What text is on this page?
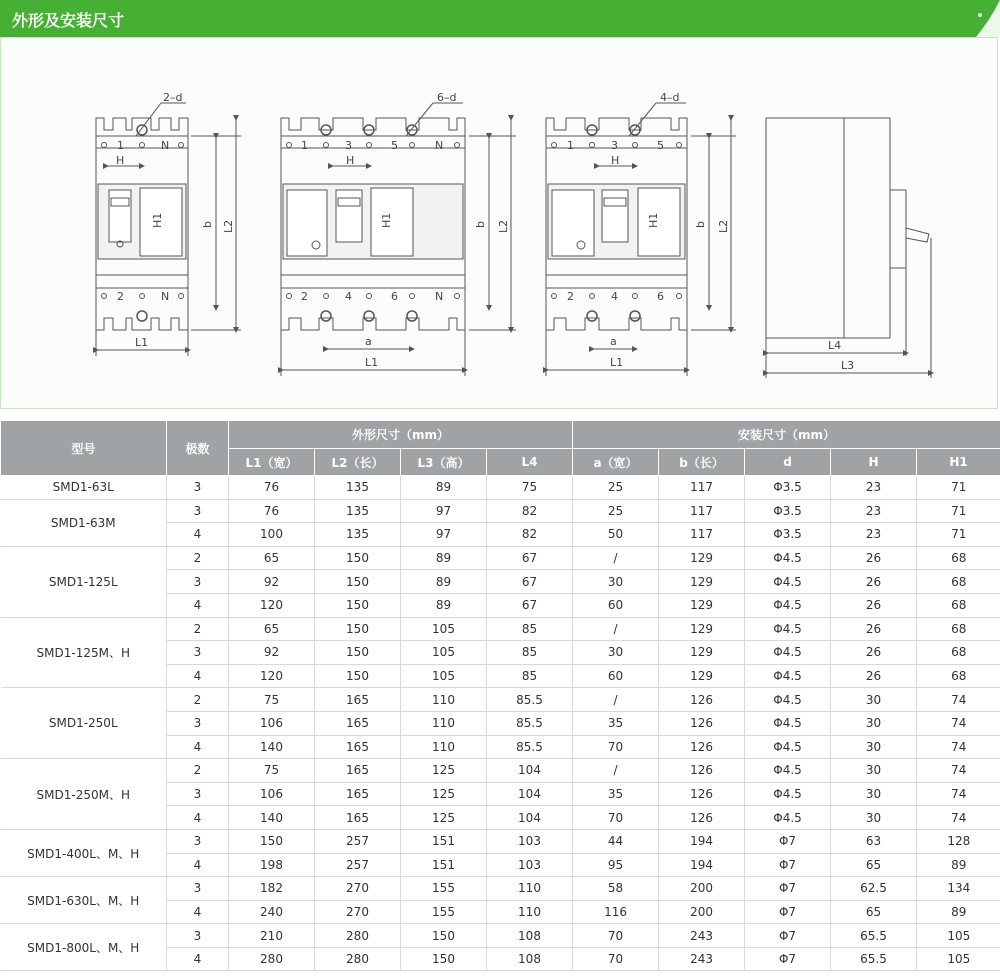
外形及安装尺寸
2–d
H
H1	b L2
L1
1	N
2	N
6–d
H
H1	b L2
a
L1
1	3	5	N
2	4	6	N
4–d
H
H1	b L2
a
L1
1	3	5
2	4	6
L4
L3
型号	极数	外形尺寸（mm）				安装尺寸（mm）				
		L1（宽）	L2（长）	L3（高）	L4	a（宽）	b（长）	d	H	H1
SMD1-63L	3	76	135	89	75	25	117	Φ3.5	23	71
SMD1-63M	3	76	135	97	82	25	117	Φ3.5	23	71
	4	100	135	97	82	50	117	Φ3.5	23	71
SMD1-125L	2	65	150	89	67	/	129	Φ4.5	26	68
	3	92	150	89	67	30	129	Φ4.5	26	68
	4	120	150	89	67	60	129	Φ4.5	26	68
SMD1-125M、H	2	65	150	105	85	/	129	Φ4.5	26	68
	3	92	150	105	85	30	129	Φ4.5	26	68
	4	120	150	105	85	60	129	Φ4.5	26	68
SMD1-250L	2	75	165	110	85.5	/	126	Φ4.5	30	74
	3	106	165	110	85.5	35	126	Φ4.5	30	74
	4	140	165	110	85.5	70	126	Φ4.5	30	74
SMD1-250M、H	2	75	165	125	104	/	126	Φ4.5	30	74
	3	106	165	125	104	35	126	Φ4.5	30	74
	4	140	165	125	104	70	126	Φ4.5	30	74
SMD1-400L、M、H	3	150	257	151	103	44	194	Φ7	63	128
	4	198	257	151	103	95	194	Φ7	65	89
SMD1-630L、M、H	3	182	270	155	110	58	200	Φ7	62.5	134
	4	240	270	155	110	116	200	Φ7	65	89
SMD1-800L、M、H	3	210	280	150	108	70	243	Φ7	65.5	105
	4	280	280	150	108	70	243	Φ7	65.5	105
